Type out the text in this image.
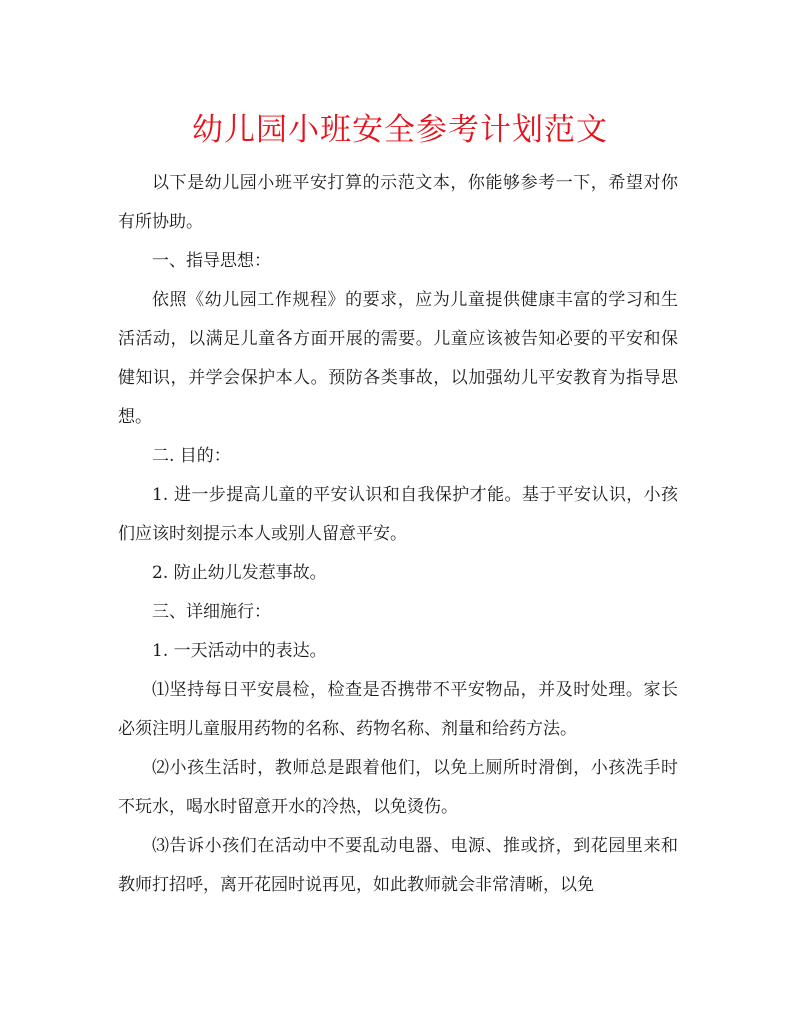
幼儿园小班安全参考计划范文

以下是幼儿园小班平安打算的示范文本，你能够参考一下，希望对你有所协助。

一、指导思想：

依照《幼儿园工作规程》的要求，应为儿童提供健康丰富的学习和生活活动，以满足儿童各方面开展的需要。儿童应该被告知必要的平安和保健知识，并学会保护本人。预防各类事故，以加强幼儿平安教育为指导思想。

二. 目的：

1. 进一步提高儿童的平安认识和自我保护才能。基于平安认识，小孩们应该时刻提示本人或别人留意平安。

2. 防止幼儿发惹事故。

三、详细施行：

1. 一天活动中的表达。

⑴坚持每日平安晨检，检查是否携带不平安物品，并及时处理。家长必须注明儿童服用药物的名称、药物名称、剂量和给药方法。

⑵小孩生活时，教师总是跟着他们，以免上厕所时滑倒，小孩洗手时不玩水，喝水时留意开水的冷热，以免烫伤。

⑶告诉小孩们在活动中不要乱动电器、电源、推或挤，到花园里来和教师打招呼，离开花园时说再见，如此教师就会非常清晰，以免
